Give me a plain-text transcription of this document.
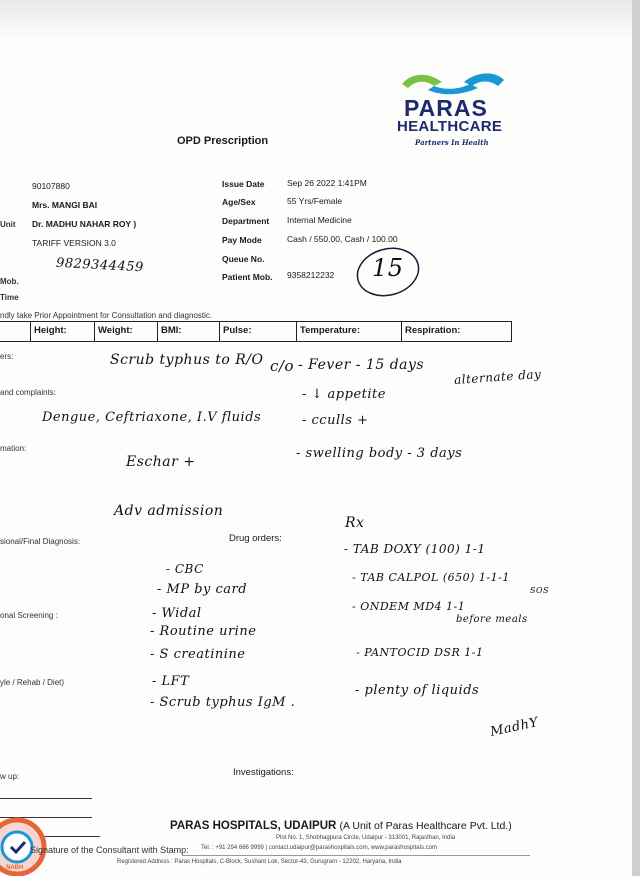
PARAS
HEALTHCARE
Partners In Health
OPD Prescription
90107880
Mrs. MANGI BAI
Unit Dr. MADHU NAHAR ROY )
TARIFF VERSION 3.0
9829344459
Mob.
Time
Issue Date	Sep 26 2022 1:41PM
Age/Sex	55 Yrs/Female
Department Internal Medicine
Pay Mode	Cash / 550.00, Cash / 100.00
Queue No.
Patient Mob. 9358212232 15
ndly take Prior Appointment for Consultation and diagnostic.
Height:	Weight:	BMI:	Pulse:	Temperature:	Respiration:
ers:
and complaints:
mation:
sional/Final Diagnosis:
onal Screening :
yle / Rehab / Diet)
w up:
Drug orders:
Investigations:
Scrub typhus to R/O c/o - Fever - 15 days
alternate day
- ↓ appetite
- cculls +
- swelling body - 3 days
Dengue, Ceftriaxone, I.V fluids
Eschar +
Adv admission
Rx
- CBC
- MP by card
- Widal
- Routine urine
- S creatinine
- LFT
- Scrub typhus IgM .
- TAB DOXY (100) 1-1
- TAB CALPOL (650) 1-1-1
SOS
- ONDEM MD4 1-1
before meals
- PANTOCID DSR 1-1
- plenty of liquids
MadhY
NABH
Signature of the Consultant with Stamp:
PARAS HOSPITALS, UDAIPUR (A Unit of Paras Healthcare Pvt. Ltd.)
Plot No. 1, Shobhagpura Circle, Udaipur - 313001, Rajasthan, India
Tel. : +91 294 666 9999 | contact.udaipur@parashospitals.com, www.parashospitals.com
Registered Address : Paras Hospitals, C-Block, Sushant Lok, Sector-43, Gurugram - 12202, Haryana, India
